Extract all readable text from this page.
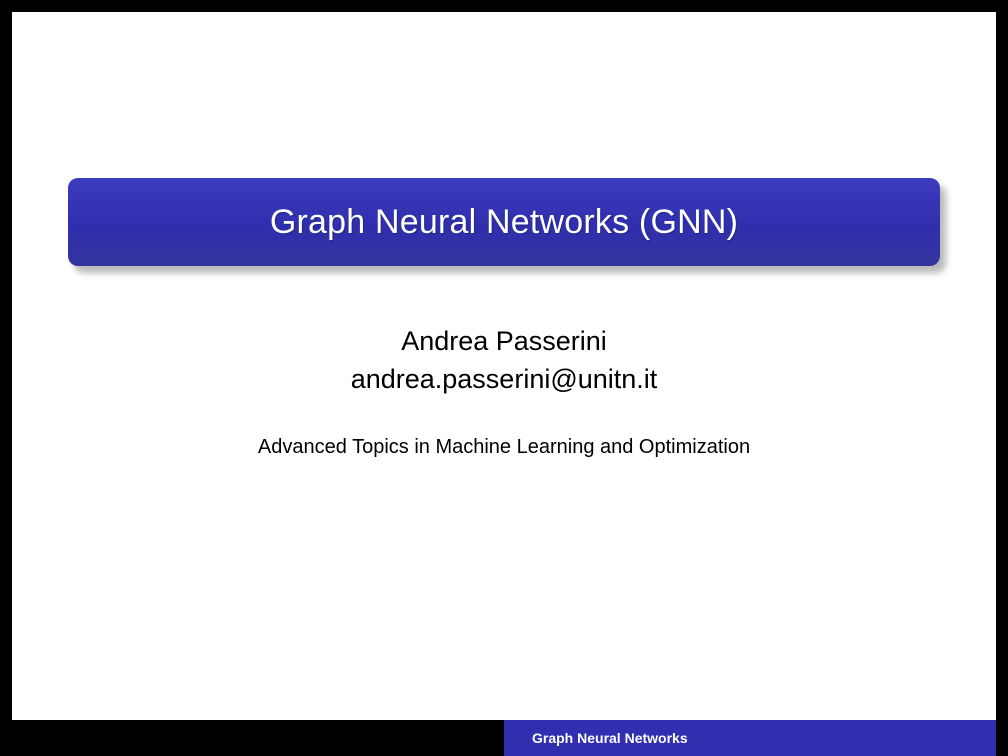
Graph Neural Networks (GNN)
Andrea Passerini
andrea.passerini@unitn.it
Advanced Topics in Machine Learning and Optimization
Graph Neural Networks
